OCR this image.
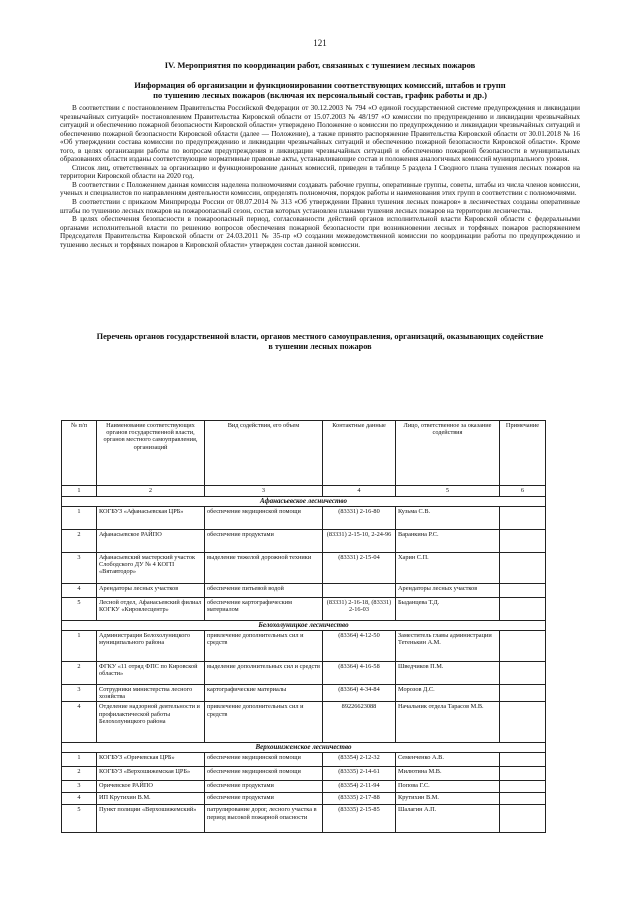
121
IV. Мероприятия по координации работ, связанных с тушением лесных пожаров
Информация об организации и функционировании соответствующих комиссий, штабов и групп
по тушению лесных пожаров (включая их персональный состав, график работы и др.)

В соответствии с постановлением Правительства Российской Федерации от 30.12.2003 № 794 «О единой государственной системе предупреждения и ликвидации чрезвычайных ситуаций» постановлением Правительства Кировской области от 15.07.2003 № 48/197 «О комиссии по предупреждению и ликвидации чрезвычайных ситуаций и обеспечению пожарной безопасности Кировской области» утверждено Положение о комиссии по предупреждению и ликвидации чрезвычайных ситуаций и обеспечению пожарной безопасности Кировской области (далее — Положение), а также принято распоряжение Правительства Кировской области от 30.01.2018 № 16 «Об утверждении состава комиссии по предупреждению и ликвидации чрезвычайных ситуаций и обеспечению пожарной безопасности Кировской области». Кроме того, в целях организации работы по вопросам предупреждения и ликвидации чрезвычайных ситуаций и обеспечению пожарной безопасности в муниципальных образованиях области изданы соответствующие нормативные правовые акты, устанавливающие состав и положения аналогичных комиссий муниципального уровня.

Список лиц, ответственных за организацию и функционирование данных комиссий, приведен в таблице 5 раздела I Сводного плана тушения лесных пожаров на территории Кировской области на 2020 год.

В соответствии с Положением данная комиссия наделена полномочиями создавать рабочие группы, оперативные группы, советы, штабы из числа членов комиссии, ученых и специалистов по направлениям деятельности комиссии, определять полномочия, порядок работы и наименования этих групп в соответствии с полномочиями.

В соответствии с приказом Минприроды России от 08.07.2014 № 313 «Об утверждении Правил тушения лесных пожаров» в лесничествах созданы оперативные штабы по тушению лесных пожаров на пожароопасный сезон, состав которых установлен планами тушения лесных пожаров на территории лесничества.

В целях обеспечения безопасности в пожароопасный период, согласованности действий органов исполнительной власти Кировской области с федеральными органами исполнительной власти по решению вопросов обеспечения пожарной безопасности при возникновении лесных и торфяных пожаров распоряжением Председателя Правительства Кировской области от 24.03.2011 № 35-пр «О создании межведомственной комиссии по координации работы по предупреждению и тушению лесных и торфяных пожаров в Кировской области» утвержден состав данной комиссии.

Перечень органов государственной власти, органов местного самоуправления, организаций, оказывающих содействие
в тушении лесных пожаров
№ п/п	Наименование соответствующих органов государственной власти, органов местного самоуправления, организаций	Вид содействия, его объем	Контактные данные	Лицо, ответственное за оказание содействия	Примечание
1	2	3	4	5	6
Афанасьевское лесничество					
1	КОГБУЗ «Афанасьевская ЦРБ»	обеспечение медицинской помощи	(83331) 2-16-80	Кузьма С.В.	
2	Афанасьевское РАЙПО	обеспечение продуктами	(83331) 2-15-10, 2-24-96	Варанкина Р.С.	
3	Афанасьевский мастерский участок Слободского ДУ № 4 КОГП «Вятавтодор»	выделение тяжелой дорожной техники	(83331) 2-15-04	Харин С.П.	
4	Арендаторы лесных участков	обеспечение питьевой водой		Арендаторы лесных участков	
5	Лесной отдел, Афанасьевский филиал КОГКУ «Кировлесцентр»	обеспечение картографическим материалом	(83331) 2-16-18, (83331) 2-16-03	Быданцева Т.Д.	
Белохолуницкое лесничество					
1	Администрация Белохолуницкого муниципального района	привлечение дополнительных сил и средств	(83364) 4-12-50	Заместитель главы администрации Тетенькин А.М.	
2	ФГКУ «11 отряд ФПС по Кировской области»	выделение дополнительных сил и средств	(83364) 4-16-58	Шведчиков П.М.	
3	Сотрудники министерства лесного хозяйства	картографические материалы	(83364) 4-34-84	Морозов Д.С.	
4	Отделение надзорной деятельности и профилактической работы Белохолуницкого района	привлечение дополнительных сил и средств	89226623088	Начальник отдела Тарасов М.В.	
Верхошижемское лесничество					
1	КОГБУЗ «Оричевская ЦРБ»	обеспечение медицинской помощи	(83354) 2-12-32	Семенченко А.В.	
2	КОГБУЗ «Верхошижемская ЦРБ»	обеспечение медицинской помощи	(83335) 2-14-61	Милютина М.В.	
3	Оричевское РАЙПО	обеспечение продуктами	(83354) 2-11-94	Попова Г.С.	
4	ИП Крутихин В.М.	обеспечение продуктами	(83335) 2-17-88	Крутихин В.М.	
5	Пункт полиции «Верхошижемский»	патрулирование дорог, лесного участка в период высокой пожарной опасности	(83335) 2-15-85	Шалагин А.П.	
